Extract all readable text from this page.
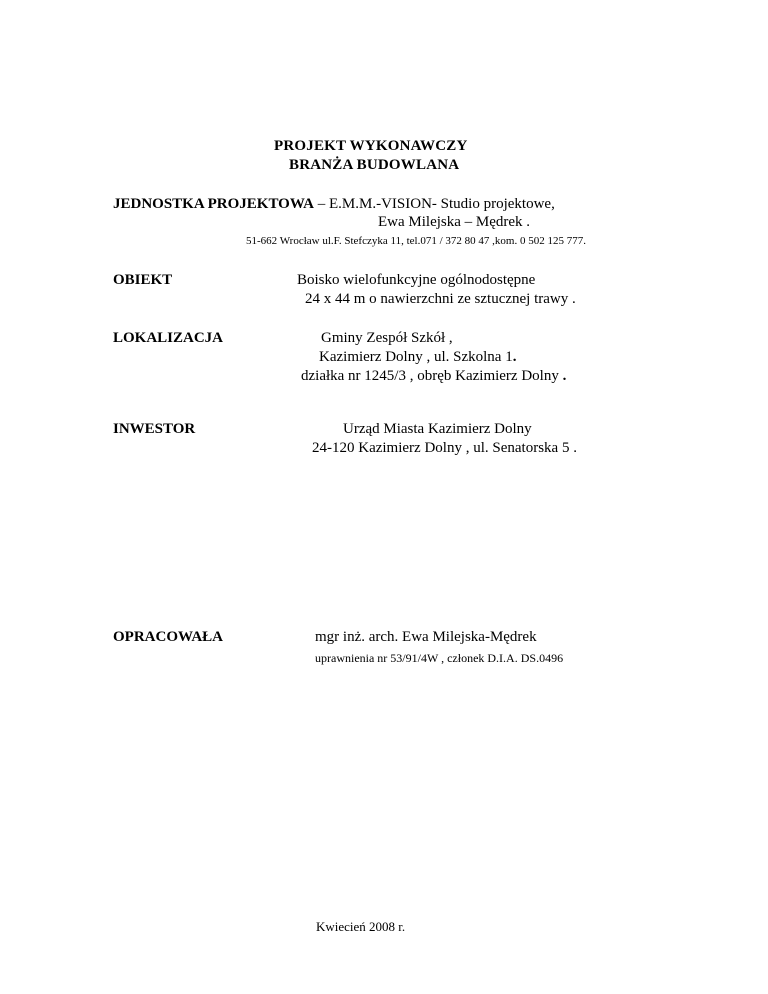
PROJEKT WYKONAWCZY
BRANŻA BUDOWLANA
JEDNOSTKA PROJEKTOWA – E.M.M.-VISION- Studio projektowe,
Ewa Milejska – Mędrek .
51-662 Wrocław ul.F. Stefczyka 11, tel.071 / 372 80 47 ,kom. 0 502 125 777.
OBIEKT	Boisko wielofunkcyjne ogólnodostępne
24 x 44 m o nawierzchni ze sztucznej trawy .
LOKALIZACJA	Gminy Zespół Szkół ,
Kazimierz Dolny , ul. Szkolna 1.
działka nr 1245/3 , obręb Kazimierz Dolny .
INWESTOR	Urząd Miasta Kazimierz Dolny
24-120 Kazimierz Dolny , ul. Senatorska 5 .
OPRACOWAŁA	mgr inż. arch. Ewa Milejska-Mędrek
uprawnienia nr 53/91/4W , członek D.I.A. DS.0496
Kwiecień 2008 r.
